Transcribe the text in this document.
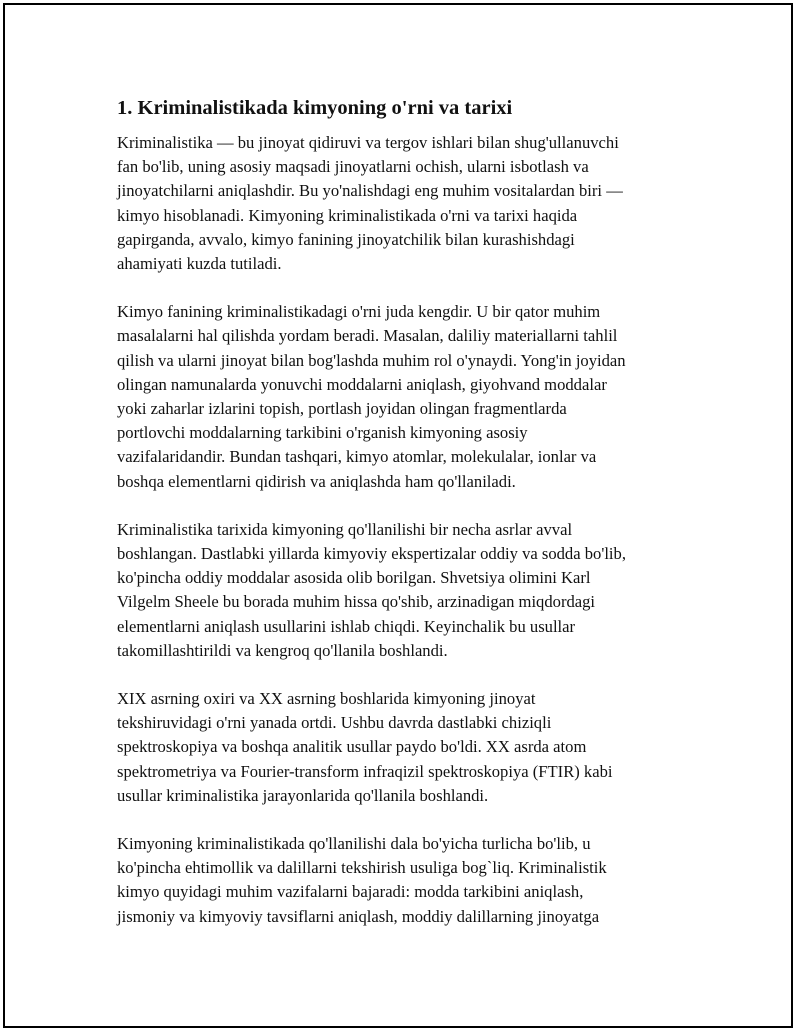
1. Kriminalistikada kimyoning o'rni va tarixi

Kriminalistika — bu jinoyat qidiruvi va tergov ishlari bilan shug'ullanuvchi
fan bo'lib, uning asosiy maqsadi jinoyatlarni ochish, ularni isbotlash va
jinoyatchilarni aniqlashdir. Bu yo'nalishdagi eng muhim vositalardan biri —
kimyo hisoblanadi. Kimyoning kriminalistikada o'rni va tarixi haqida
gapirganda, avvalo, kimyo fanining jinoyatchilik bilan kurashishdagi
ahamiyati kuzda tutiladi.

Kimyo fanining kriminalistikadagi o'rni juda kengdir. U bir qator muhim
masalalarni hal qilishda yordam beradi. Masalan, daliliy materiallarni tahlil
qilish va ularni jinoyat bilan bog'lashda muhim rol o'ynaydi. Yong'in joyidan
olingan namunalarda yonuvchi moddalarni aniqlash, giyohvand moddalar
yoki zaharlar izlarini topish, portlash joyidan olingan fragmentlarda
portlovchi moddalarning tarkibini o'rganish kimyoning asosiy
vazifalaridandir. Bundan tashqari, kimyo atomlar, molekulalar, ionlar va
boshqa elementlarni qidirish va aniqlashda ham qo'llaniladi.

Kriminalistika tarixida kimyoning qo'llanilishi bir necha asrlar avval
boshlangan. Dastlabki yillarda kimyoviy ekspertizalar oddiy va sodda bo'lib,
ko'pincha oddiy moddalar asosida olib borilgan. Shvetsiya olimini Karl
Vilgelm Sheele bu borada muhim hissa qo'shib, arzinadigan miqdordagi
elementlarni aniqlash usullarini ishlab chiqdi. Keyinchalik bu usullar
takomillashtirildi va kengroq qo'llanila boshlandi.

XIX asrning oxiri va XX asrning boshlarida kimyoning jinoyat
tekshiruvidagi o'rni yanada ortdi. Ushbu davrda dastlabki chiziqli
spektroskopiya va boshqa analitik usullar paydo bo'ldi. XX asrda atom
spektrometriya va Fourier-transform infraqizil spektroskopiya (FTIR) kabi
usullar kriminalistika jarayonlarida qo'llanila boshlandi.

Kimyoning kriminalistikada qo'llanilishi dala bo'yicha turlicha bo'lib, u
ko'pincha ehtimollik va dalillarni tekshirish usuliga bog`liq. Kriminalistik
kimyo quyidagi muhim vazifalarni bajaradi: modda tarkibini aniqlash,
jismoniy va kimyoviy tavsiflarni aniqlash, moddiy dalillarning jinoyatga
